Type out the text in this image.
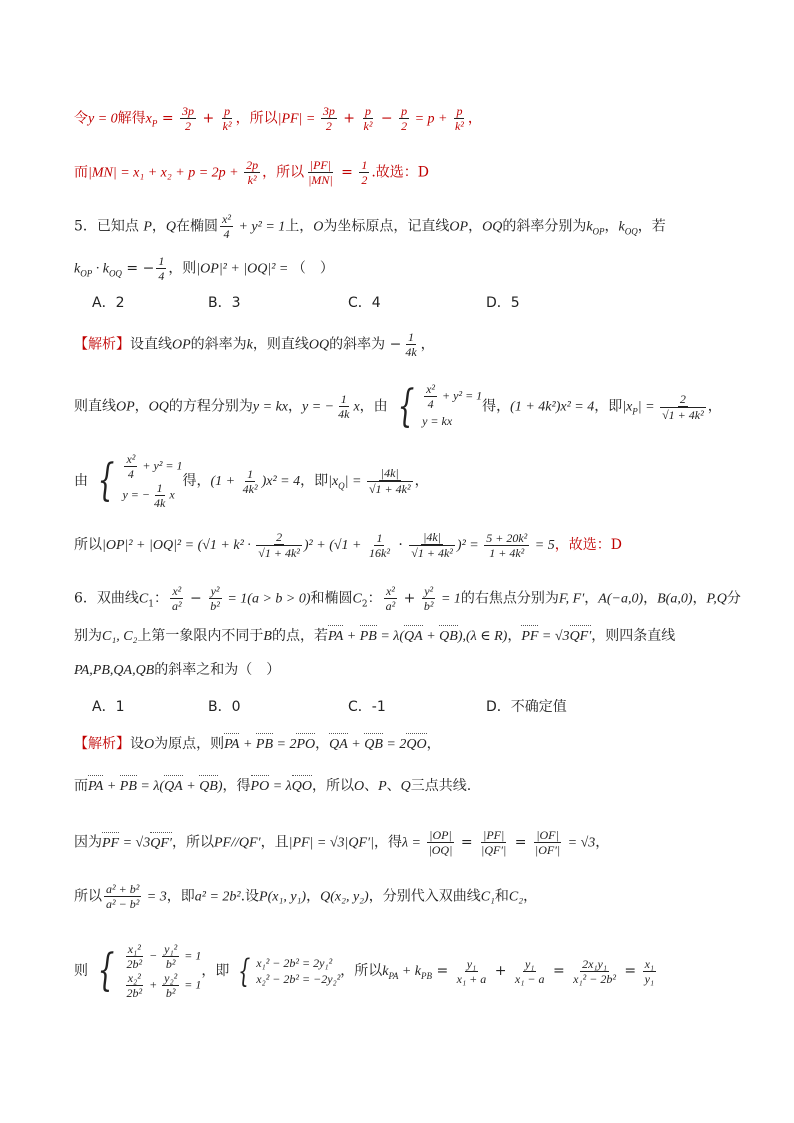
令y = 0解得$x_P = \frac{3p}{2} + \frac{p}{\text{k²}}$ ，所以$|PF| = \frac{3p}{2} + \frac{p}{\text{k²}} - \frac{p}{2} = p + \frac{p}{\text{k²}}$ ，
而$|MN| = x_1 + x_2 + p = 2p + \frac{2p}{\text{k²}}$ ，所以 $\frac{|PF|}{|MN|} = \frac{1}{2}$ .故选：D
5．已知点 P，Q在椭圆 $\frac{\text{x²}}{4} + y^2 = 1$上，O为坐标原点，记直线OP，OQ的斜率分别为$k_{OP}$，$k_{OQ}$，若
$k_{OP} \cdot k_{OQ}$ = − $\frac{1}{4}$ ，则|OP|² + |OQ|² = （　）
A．2	B．3	C．4	D．5
【解析】设直线OP的斜率为k，则直线OQ的斜率为 − $\frac{1}{4k}$ ，
则直线OP，OQ的方程分别为y = kx，y = − $\frac{1}{4k}$ x，由 { $\frac{\text{x²}}{4} + y^2 = 1$
y = kx
得，(1 + 4k²)x² = 4，即$|x_P| = \frac{2}{\text{√1 + 4k²}}$ ，
由 { $\frac{\text{x²}}{4} + y^2 = 1$
y = − $\frac{1}{4k}$ x
得，$(1 + \frac{1}{\text{4k²}} )x^2 = 4$，即$|x_Q| = \frac{|4k|}{\text{√1 + 4k²}}$ ，
所以$|OP|^2 + |OQ|^2 = (√1 + k^2 \cdot \frac{2}{\text{√1 + 4k²}} )^2 + (√1 + \frac{1}{\text{16k²}} \cdot \frac{|4k|}{\text{√1 + 4k²}} )^2 = \frac{\text{5 + 20k²}}{\text{1 + 4k²}} = 5$，故选：D
6．双曲线$C_1$： $\frac{\text{x²}}{\text{a²}} - \frac{\text{y²}}{\text{b²}} = 1(a > b > 0)$和椭圆$C_2$： $\frac{\text{x²}}{\text{a²}} + \frac{\text{y²}}{\text{b²}} = 1$的右焦点分别为F, F′，A(−a,0)，B(a,0)，P,Q分
别为C₁, C₂上第一象限内不同于B的点，若PA + PB = λ(QA + QB),(λ ∈ R)，PF = √3QF′，则四条直线
PA,PB,QA,QB的斜率之和为（　）
A．1	B．0	C．-1	D．不确定值
【解析】设O为原点，则PA + PB = 2PO，QA + QB = 2QO，
而PA + PB = λ(QA + QB)，得PO = λQO，所以O、P、Q三点共线.
因为PF = √3QF′，所以PF//QF′，且|PF| = √3|QF′|，得$\lambda = \frac{|OP|}{|OQ|} = \frac{|PF|}{|QF'|} = \frac{|OF|}{|OF'|} = √3$，
所以 $\frac{\text{a² + b²}}{\text{a² − b²}} = 3$，即a² = 2b².设P(x₁, y₁)，Q(x₂, y₂)，分别代入双曲线C₁和C₂，
则 { $\frac{\text{x₁²}}{\text{2b²}} - \frac{\text{y₁²}}{\text{b²}} = 1$
$\frac{\text{x₂²}}{\text{2b²}} + \frac{\text{y₂²}}{\text{b²}} = 1$
，即 { x₁² − 2b² = 2y₁²
x₂² − 2b² = −2y₂² ，所以$k_{PA} + k_{PB} = \frac{\text{y₁}}{\text{x₁ + a}} + \frac{\text{y₁}}{\text{x₁ − a}} = \frac{\text{2x₁y₁}}{\text{x₁² − 2b²}} = \frac{\text{x₁}}{\text{y₁}}$
